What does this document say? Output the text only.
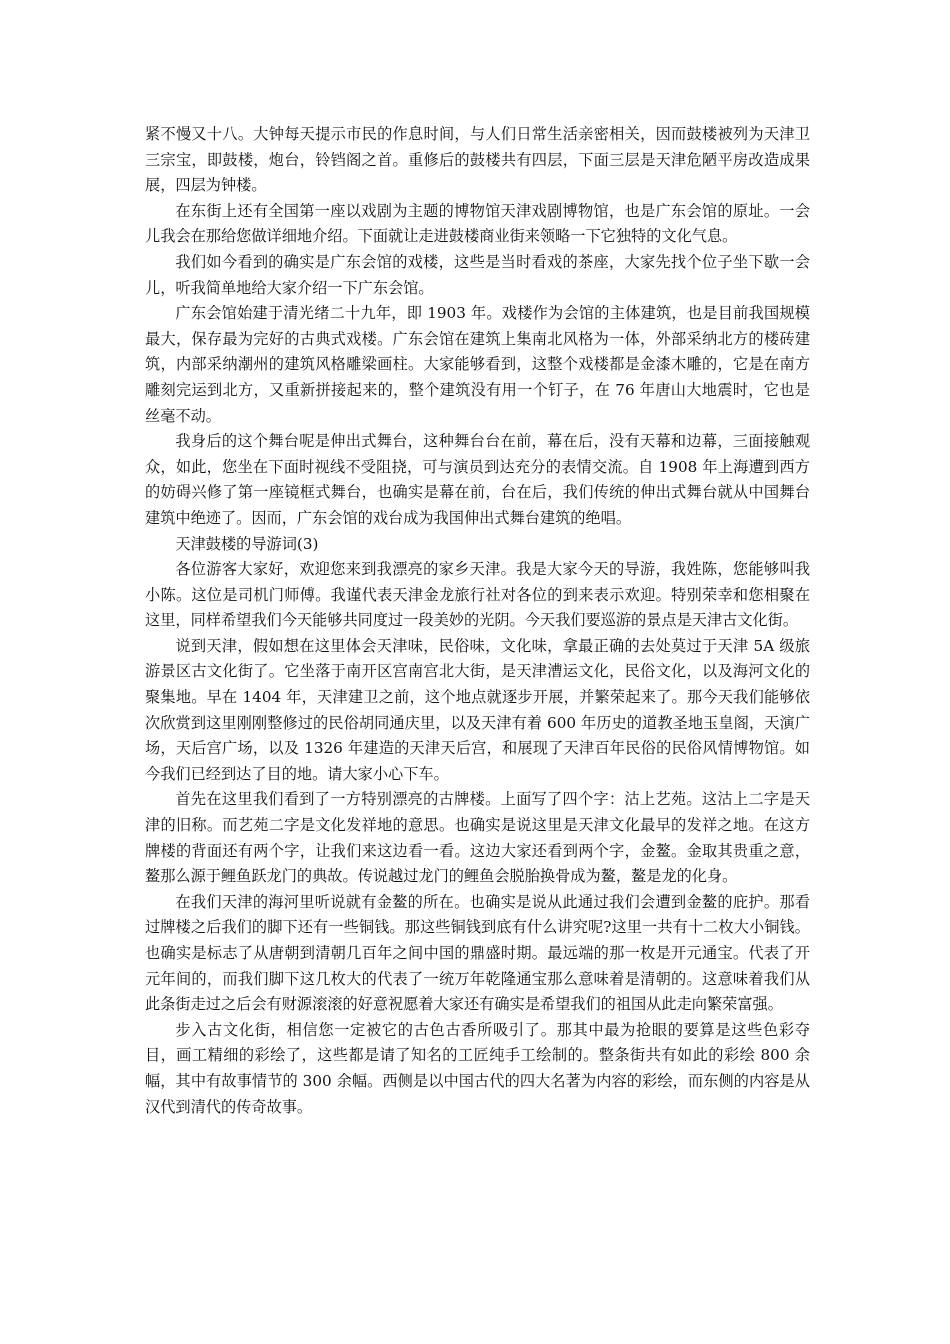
紧不慢又十八。大钟每天提示市民的作息时间，与人们日常生活亲密相关，因而鼓楼被列为天津卫三宗宝，即鼓楼，炮台，铃铛阁之首。重修后的鼓楼共有四层，下面三层是天津危陋平房改造成果展，四层为钟楼。

在东街上还有全国第一座以戏剧为主题的博物馆天津戏剧博物馆，也是广东会馆的原址。一会儿我会在那给您做详细地介绍。下面就让走进鼓楼商业街来领略一下它独特的文化气息。

我们如今看到的确实是广东会馆的戏楼，这些是当时看戏的茶座，大家先找个位子坐下歇一会儿，听我简单地给大家介绍一下广东会馆。

广东会馆始建于清光绪二十九年，即 1903 年。戏楼作为会馆的主体建筑，也是目前我国规模最大，保存最为完好的古典式戏楼。广东会馆在建筑上集南北风格为一体，外部采纳北方的楼砖建筑，内部采纳潮州的建筑风格雕梁画柱。大家能够看到，这整个戏楼都是金漆木雕的，它是在南方雕刻完运到北方，又重新拼接起来的，整个建筑没有用一个钉子，在 76 年唐山大地震时，它也是丝毫不动。

我身后的这个舞台呢是伸出式舞台，这种舞台台在前，幕在后，没有天幕和边幕，三面接触观众，如此，您坐在下面时视线不受阻挠，可与演员到达充分的表情交流。自 1908 年上海遭到西方的妨碍兴修了第一座镜框式舞台，也确实是幕在前，台在后，我们传统的伸出式舞台就从中国舞台建筑中绝迹了。因而，广东会馆的戏台成为我国伸出式舞台建筑的绝唱。

天津鼓楼的导游词(3)

各位游客大家好，欢迎您来到我漂亮的家乡天津。我是大家今天的导游，我姓陈，您能够叫我小陈。这位是司机门师傅。我谨代表天津金龙旅行社对各位的到来表示欢迎。特别荣幸和您相聚在这里，同样希望我们今天能够共同度过一段美妙的光阴。今天我们要巡游的景点是天津古文化街。

说到天津，假如想在这里体会天津味，民俗味，文化味，拿最正确的去处莫过于天津 5A 级旅游景区古文化街了。它坐落于南开区宫南宫北大街，是天津漕运文化，民俗文化，以及海河文化的聚集地。早在 1404 年，天津建卫之前，这个地点就逐步开展，并繁荣起来了。那今天我们能够依次欣赏到这里刚刚整修过的民俗胡同通庆里，以及天津有着 600 年历史的道教圣地玉皇阁，天演广场，天后宫广场，以及 1326 年建造的天津天后宫，和展现了天津百年民俗的民俗风情博物馆。如今我们已经到达了目的地。请大家小心下车。

首先在这里我们看到了一方特别漂亮的古牌楼。上面写了四个字：沽上艺苑。这沽上二字是天津的旧称。而艺苑二字是文化发祥地的意思。也确实是说这里是天津文化最早的发祥之地。在这方牌楼的背面还有两个字，让我们来这边看一看。这边大家还看到两个字，金鳌。金取其贵重之意，鳌那么源于鲤鱼跃龙门的典故。传说越过龙门的鲤鱼会脱胎换骨成为鳌，鳌是龙的化身。

在我们天津的海河里听说就有金鳌的所在。也确实是说从此通过我们会遭到金鳌的庇护。那看过牌楼之后我们的脚下还有一些铜钱。那这些铜钱到底有什么讲究呢?这里一共有十二枚大小铜钱。也确实是标志了从唐朝到清朝几百年之间中国的鼎盛时期。最远端的那一枚是开元通宝。代表了开元年间的，而我们脚下这几枚大的代表了一统万年乾隆通宝那么意味着是清朝的。这意味着我们从此条街走过之后会有财源滚滚的好意祝愿着大家还有确实是希望我们的祖国从此走向繁荣富强。

步入古文化街，相信您一定被它的古色古香所吸引了。那其中最为抢眼的要算是这些色彩夺目，画工精细的彩绘了，这些都是请了知名的工匠纯手工绘制的。整条街共有如此的彩绘 800 余幅，其中有故事情节的 300 余幅。西侧是以中国古代的四大名著为内容的彩绘，而东侧的内容是从汉代到清代的传奇故事。
